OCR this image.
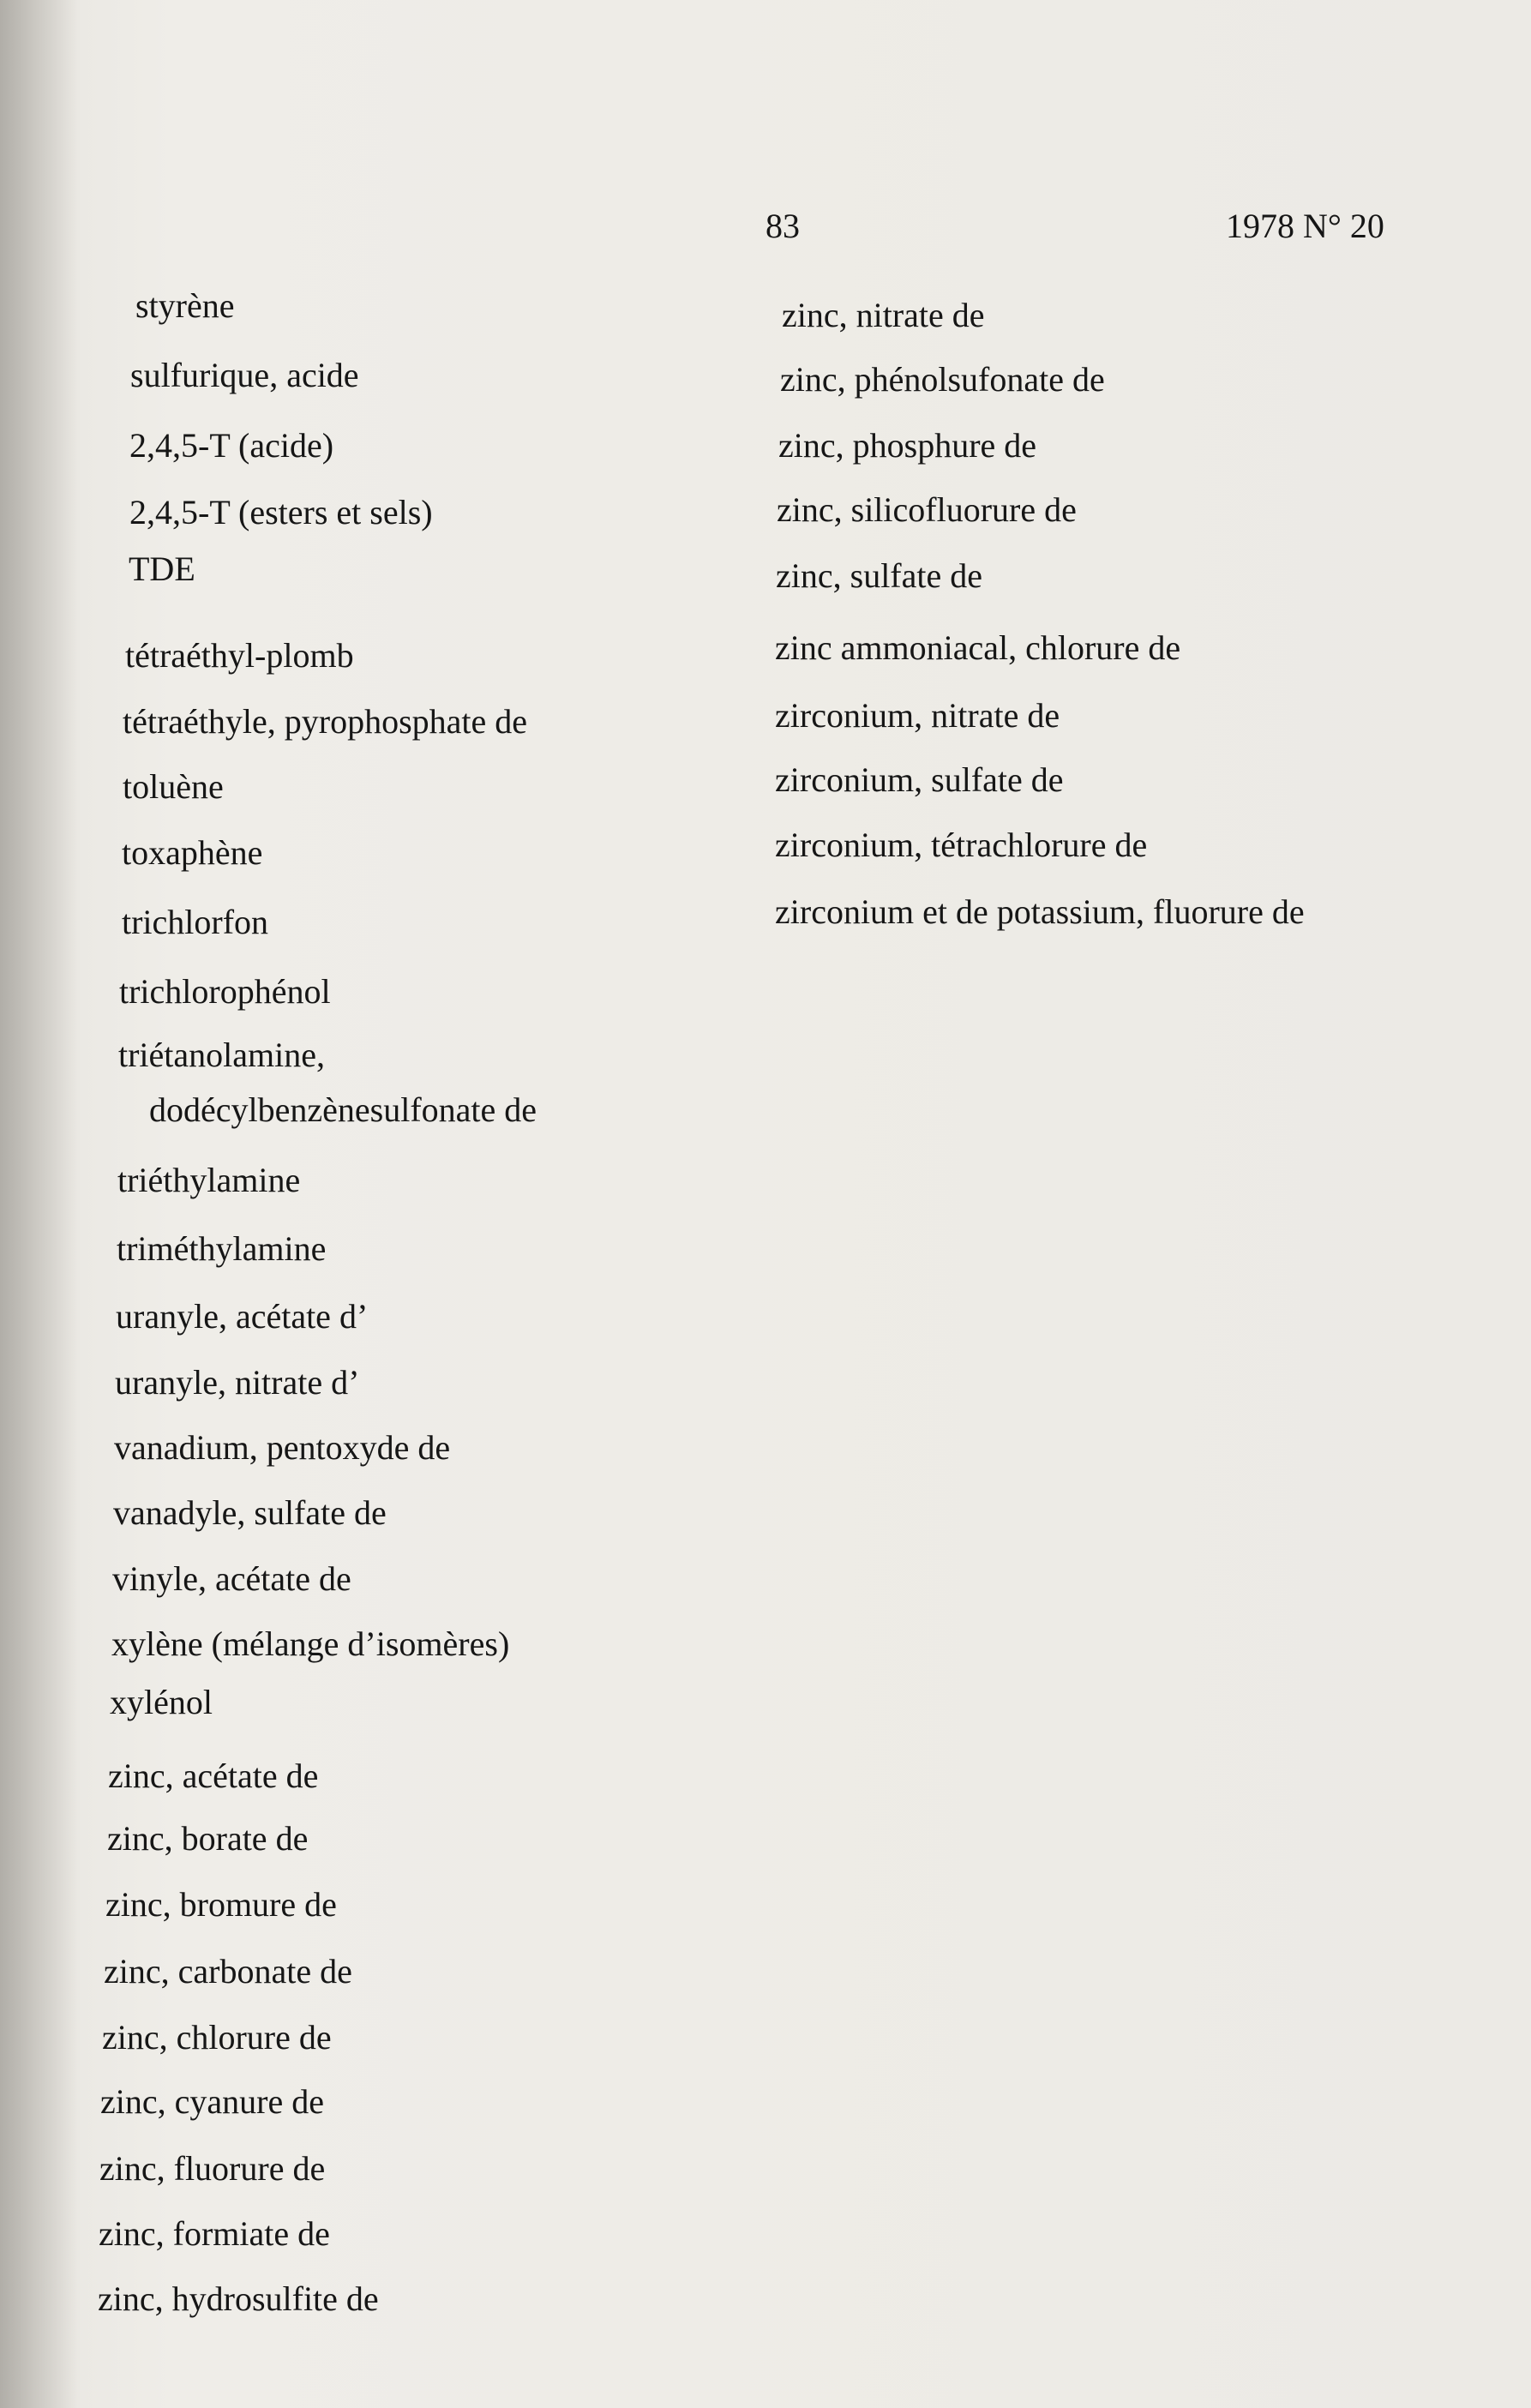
83	1978 N° 20
styrène
sulfurique, acide
2,4,5-T (acide)
2,4,5-T (esters et sels)
TDE
tétraéthyl-plomb
tétraéthyle, pyrophosphate de
toluène
toxaphène
trichlorfon
trichlorophénol
triétanolamine,
dodécylbenzènesulfonate de
triéthylamine
triméthylamine
uranyle, acétate d’
uranyle, nitrate d’
vanadium, pentoxyde de
vanadyle, sulfate de
vinyle, acétate de
xylène (mélange d’isomères)
xylénol
zinc, acétate de
zinc, borate de
zinc, bromure de
zinc, carbonate de
zinc, chlorure de
zinc, cyanure de
zinc, fluorure de
zinc, formiate de
zinc, hydrosulfite de
zinc, nitrate de
zinc, phénolsufonate de
zinc, phosphure de
zinc, silicofluorure de
zinc, sulfate de
zinc ammoniacal, chlorure de
zirconium, nitrate de
zirconium, sulfate de
zirconium, tétrachlorure de
zirconium et de potassium, fluorure de
